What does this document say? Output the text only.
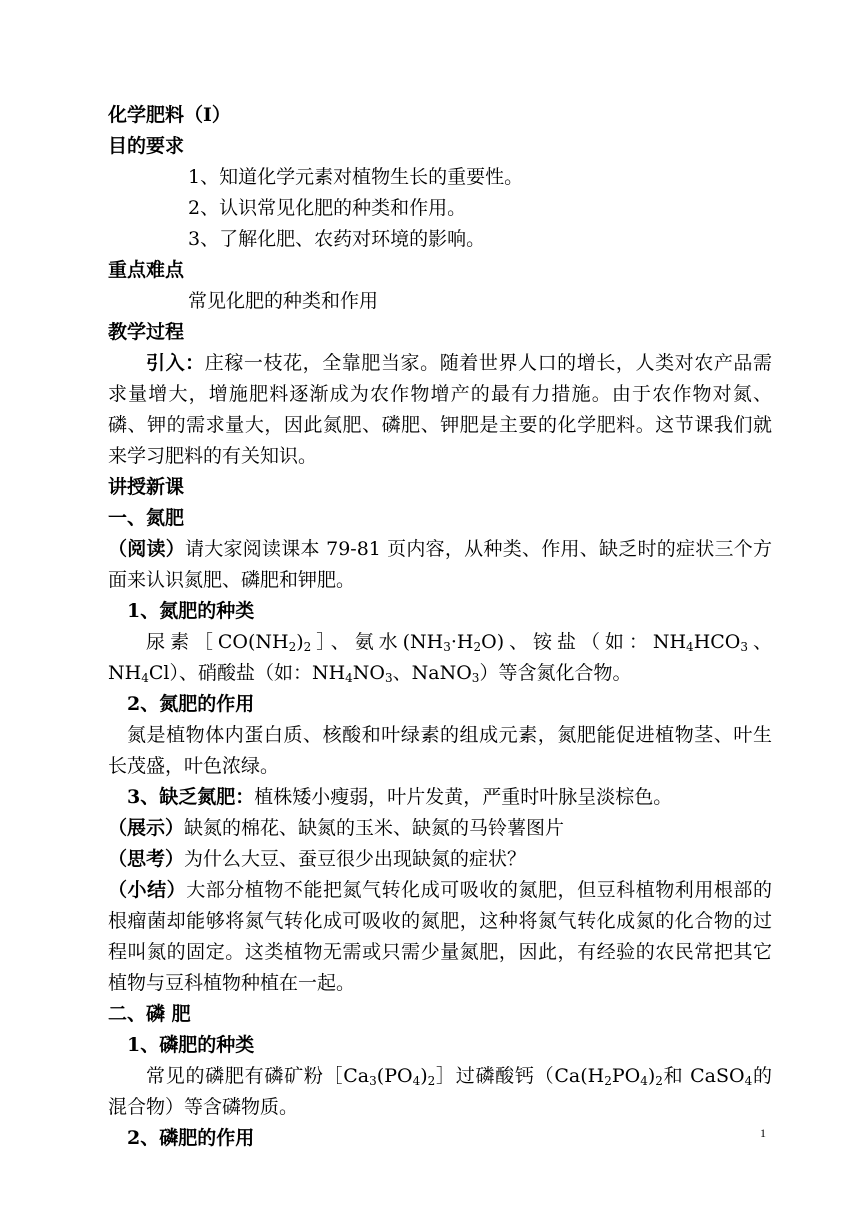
化学肥料（Ⅰ）
目的要求
1、知道化学元素对植物生长的重要性。
2、认识常见化肥的种类和作用。
3、了解化肥、农药对环境的影响。
重点难点
常见化肥的种类和作用
教学过程
引入：庄稼一枝花，全靠肥当家。随着世界人口的增长，人类对农产品需求量增大，增施肥料逐渐成为农作物增产的最有力措施。由于农作物对氮、磷、钾的需求量大，因此氮肥、磷肥、钾肥是主要的化学肥料。这节课我们就来学习肥料的有关知识。
讲授新课
一、氮肥
（阅读）请大家阅读课本 79-81 页内容，从种类、作用、缺乏时的症状三个方面来认识氮肥、磷肥和钾肥。
1、氮肥的种类
尿素$[CO(NH_2)_2]$、氨水$(NH_3\cdot H_2O)$、铵盐（如：$NH_4HCO_3$、$NH_4Cl$）、硝酸盐（如：$NH_4NO_3$、NaNO$_3$）等含氮化合物。
2、氮肥的作用
氮是植物体内蛋白质、核酸和叶绿素的组成元素，氮肥能促进植物茎、叶生长茂盛，叶色浓绿。
3、缺乏氮肥：植株矮小瘦弱，叶片发黄，严重时叶脉呈淡棕色。
（展示）缺氮的棉花、缺氮的玉米、缺氮的马铃薯图片
（思考）为什么大豆、蚕豆很少出现缺氮的症状？
（小结）大部分植物不能把氮气转化成可吸收的氮肥，但豆科植物利用根部的根瘤菌却能够将氮气转化成可吸收的氮肥，这种将氮气转化成氮的化合物的过程叫氮的固定。这类植物无需或只需少量氮肥，因此，有经验的农民常把其它植物与豆科植物种植在一起。
二、磷 肥
1、磷肥的种类
常见的磷肥有磷矿粉$[Ca_3(PO_4)_2]$过磷酸钙（$Ca(H_2PO_4)_2$和 CaSO$_4$的混合物）等含磷物质。
2、磷肥的作用	1
